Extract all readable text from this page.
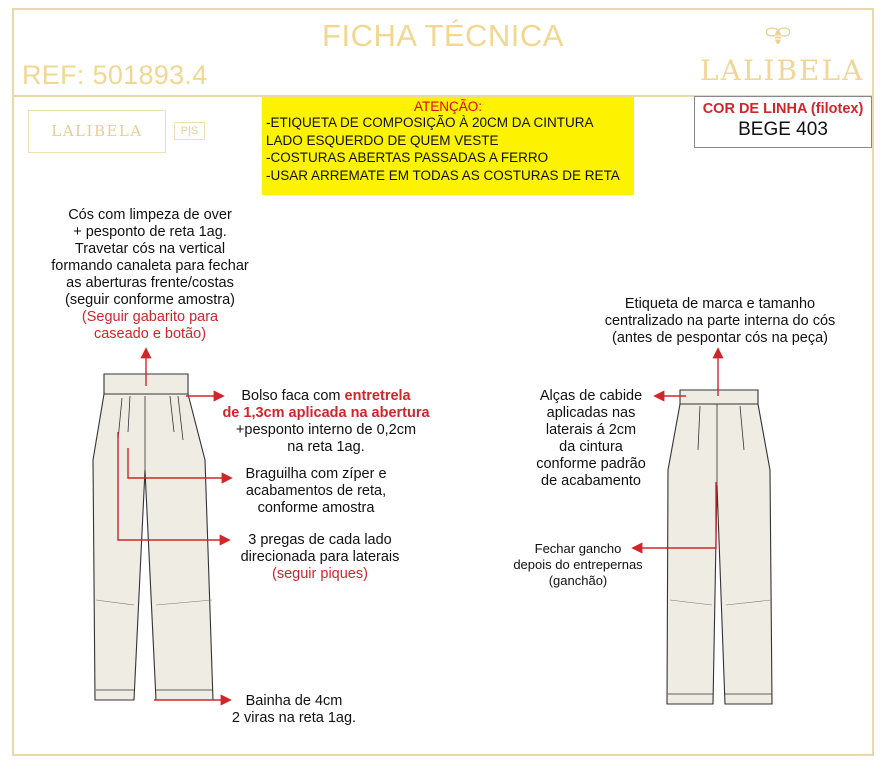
FICHA TÉCNICA
REF: 501893.4	LALIBELA
LALIBELA	P|S
ATENÇÃO:
-ETIQUETA DE COMPOSIÇÃO À 20CM DA CINTURA
LADO ESQUERDO DE QUEM VESTE
-COSTURAS ABERTAS PASSADAS A FERRO
-USAR ARREMATE EM TODAS AS COSTURAS DE RETA
COR DE LINHA (filotex)
BEGE 403
Cós com limpeza de over
+ pesponto de reta 1ag.
Travetar cós na vertical
formando canaleta para fechar
as aberturas frente/costas
(seguir conforme amostra)
(Seguir gabarito para
caseado e botão)
Bolso faca com entretrela
de 1,3cm aplicada na abertura
+pesponto interno de 0,2cm
na reta 1ag.
Braguilha com zíper e
acabamentos de reta,
conforme amostra
3 pregas de cada lado
direcionada para laterais
(seguir piques)
Bainha de 4cm
2 viras na reta 1ag.
Etiqueta de marca e tamanho
centralizado na parte interna do cós
(antes de pespontar cós na peça)
Alças de cabide
aplicadas nas
laterais á 2cm
da cintura
conforme padrão
de acabamento
Fechar gancho
depois do entrepernas
(ganchão)
